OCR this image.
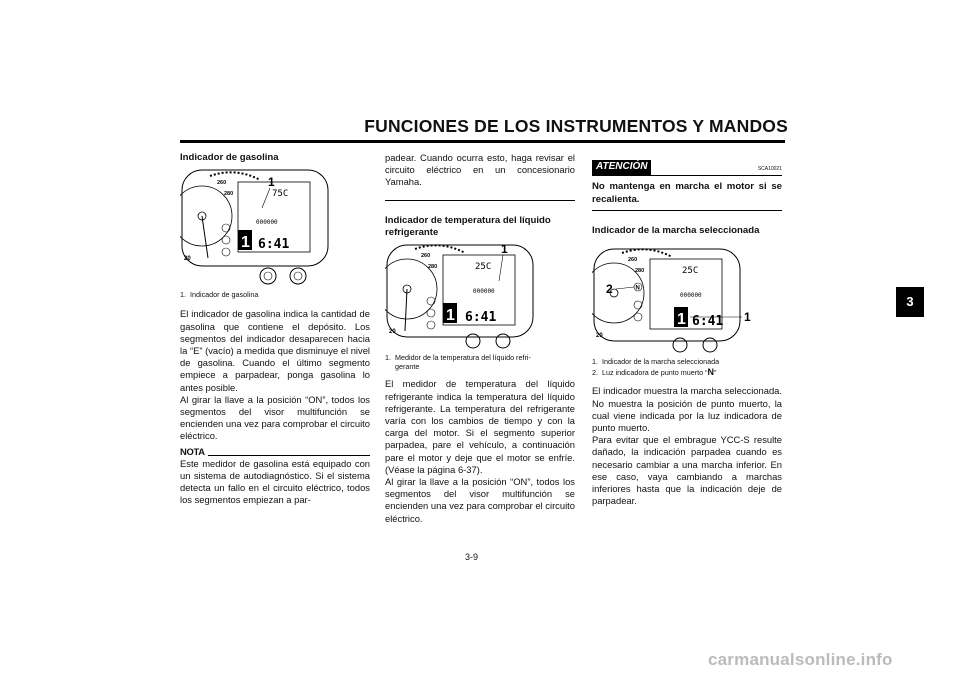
FUNCIONES DE LOS INSTRUMENTOS Y MANDOS
3
Indicador de gasolina
260
280
20
75C
000000
1 6:41
1

1. Indicador de gasolina

El indicador de gasolina indica la cantidad de gasolina que contiene el depósito. Los segmentos del indicador desaparecen hacia la “E” (vacío) a medida que disminuye el nivel de gasolina. Cuando el último segmento empiece a parpadear, ponga gasolina lo antes posible.

Al girar la llave a la posición “ON”, todos los segmentos del visor multifunción se encienden una vez para comprobar el circuito eléctrico.

NOTA

Este medidor de gasolina está equipado con un sistema de autodiagnóstico. Si el sistema detecta un fallo en el circuito eléctrico, todos los segmentos empiezan a par-

padear. Cuando ocurra esto, haga revisar el circuito eléctrico en un concesionario Yamaha.

Indicador de temperatura del líquido refrigerante
260
280
20
25C
000000
1 6:41
1

1. Medidor de la temperatura del líquido refri-
gerante

El medidor de temperatura del líquido refrigerante indica la temperatura del líquido refrigerante. La temperatura del refrigerante varía con los cambios de tiempo y con la carga del motor. Si el segmento superior parpadea, pare el vehículo, a continuación pare el motor y deje que el motor se enfríe. (Véase la página 6-37).

Al girar la llave a la posición “ON”, todos los segmentos del visor multifunción se encienden una vez para comprobar el circuito eléctrico.

ATENCIÓN	SCA10021

No mantenga en marcha el motor si se recalienta.

Indicador de la marcha seleccionada
260
280
20
25C
000000
1 6:41
N
2
1

1. Indicador de la marcha seleccionada

2. Luz indicadora de punto muerto “N”

El indicador muestra la marcha seleccionada. No muestra la posición de punto muerto, la cual viene indicada por la luz indicadora de punto muerto.

Para evitar que el embrague YCC-S resulte dañado, la indicación parpadea cuando es necesario cambiar a una marcha inferior. En ese caso, vaya cambiando a marchas inferiores hasta que la indicación deje de parpadear.

3-9
carmanualsonline.info
